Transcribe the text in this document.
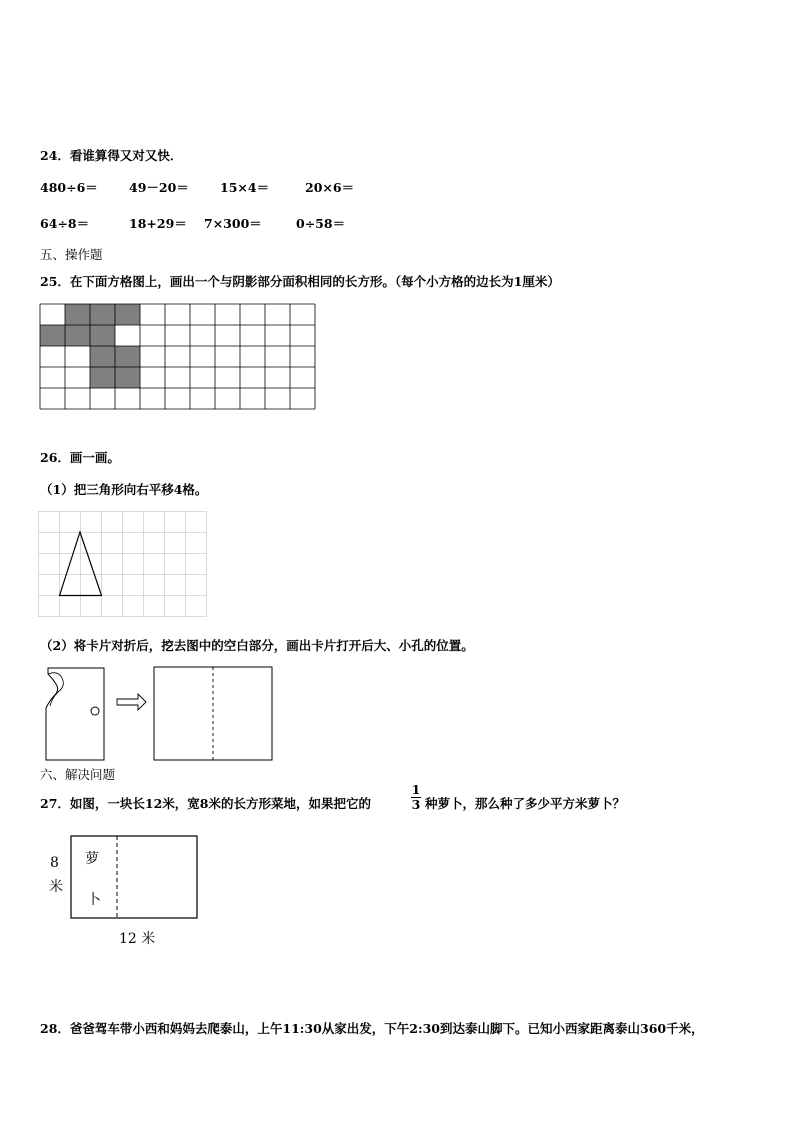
24．看谁算得又对又快．
480÷6＝ 49－20＝ 15×4＝	20×6＝
64÷8＝	18+29＝ 7×300＝	0÷58＝
五、操作题
25．在下面方格图上，画出一个与阴影部分面积相同的长方形。（每个小方格的边长为1厘米）
26．画一画。
（1）把三角形向右平移4格。
（2）将卡片对折后，挖去图中的空白部分，画出卡片打开后大、小孔的位置。
六、解决问题
27．如图，一块长12米，宽8米的长方形菜地，如果把它的	$\frac{1}{3}$ 种萝卜，那么种了多少平方米萝卜？
萝
卜
8
米
12 米
28．爸爸驾车带小西和妈妈去爬泰山，上午11:30从家出发，下午2:30到达泰山脚下。已知小西家距离泰山360千米，
